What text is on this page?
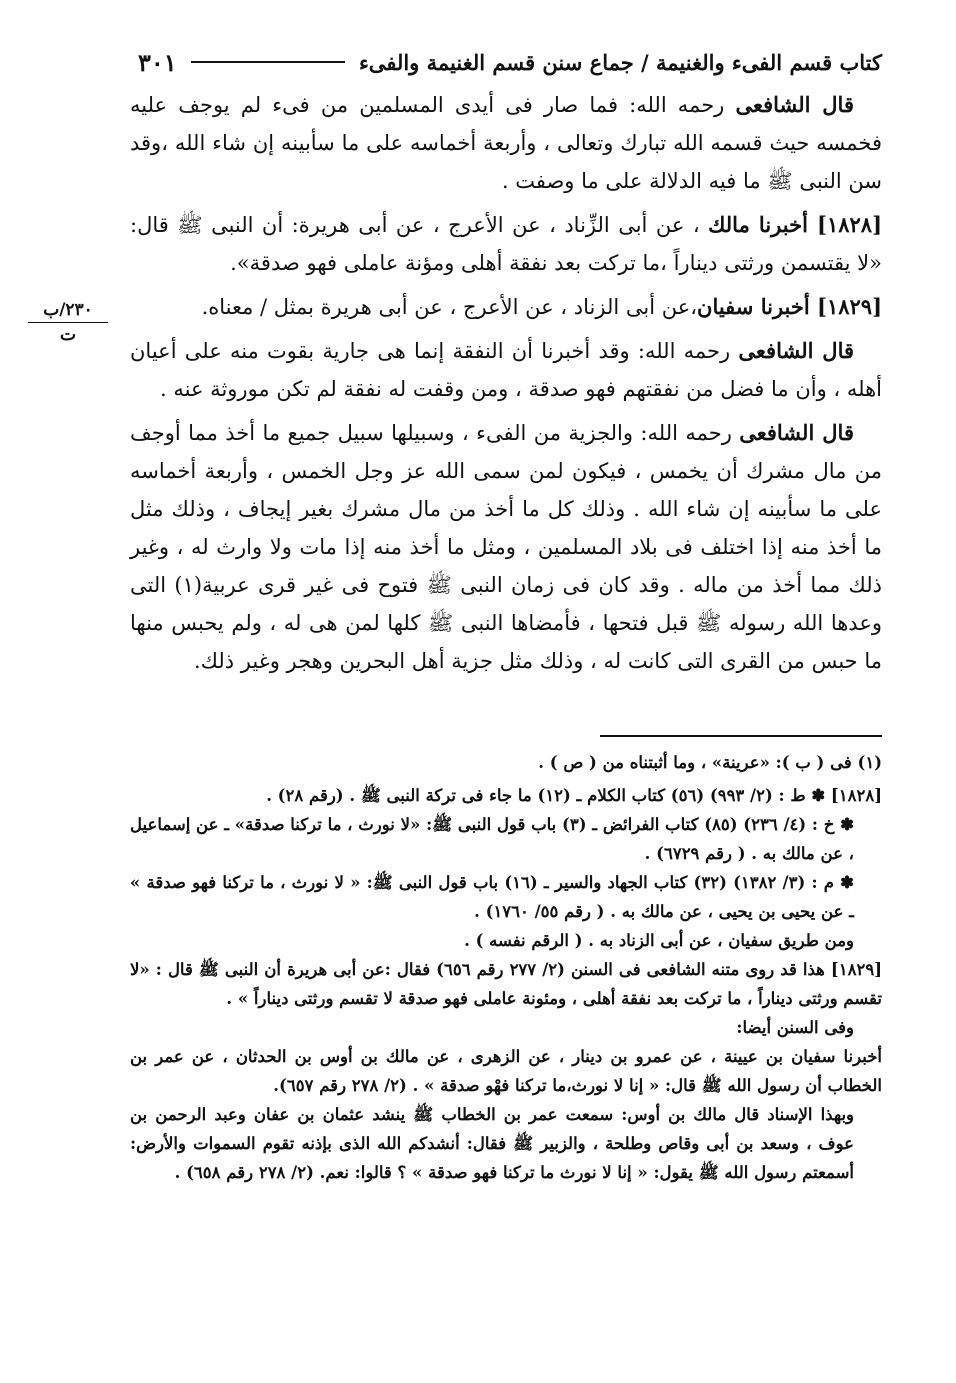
كتاب قسم الفىء والغنيمة / جماع سنن قسم الغنيمة والفىء
٣٠١
٢٣٠/ب
ت

قال الشافعى رحمه الله: فما صار فى أيدى المسلمين من فىء لم يوجف عليه فخمسه حيث قسمه الله تبارك وتعالى ، وأربعة أخماسه على ما سأبينه إن شاء الله ،وقد سن النبى ﷺ ما فيه الدلالة على ما وصفت .

[١٨٢٨] أخبرنا مالك ، عن أبى الزِّناد ، عن الأعرج ، عن أبى هريرة: أن النبى ﷺ قال: «لا يقتسمن ورثتى ديناراً ،ما تركت بعد نفقة أهلى ومؤنة عاملى فهو صدقة».

[١٨٢٩] أخبرنا سفيان،عن أبى الزناد ، عن الأعرج ، عن أبى هريرة بمثل / معناه.

قال الشافعى رحمه الله: وقد أخبرنا أن النفقة إنما هى جارية بقوت منه على أعيان أهله ، وأن ما فضل من نفقتهم فهو صدقة ، ومن وقفت له نفقة لم تكن موروثة عنه .

قال الشافعى رحمه الله: والجزية من الفىء ، وسبيلها سبيل جميع ما أخذ مما أوجف من مال مشرك أن يخمس ، فيكون لمن سمى الله عز وجل الخمس ، وأربعة أخماسه على ما سأبينه إن شاء الله . وذلك كل ما أخذ من مال مشرك بغير إيجاف ، وذلك مثل ما أخذ منه إذا اختلف فى بلاد المسلمين ، ومثل ما أخذ منه إذا مات ولا وارث له ، وغير ذلك مما أخذ من ماله . وقد كان فى زمان النبى ﷺ فتوح فى غير قرى عربية(١) التى وعدها الله رسوله ﷺ قبل فتحها ، فأمضاها النبى ﷺ كلها لمن هى له ، ولم يحبس منها ما حبس من القرى التى كانت له ، وذلك مثل جزية أهل البحرين وهجر وغير ذلك.

(١) فى ( ب ): «عرينة» ، وما أثبتناه من ( ص ) .

[١٨٢٨] ✽ ط : (٢/ ٩٩٣) (٥٦) كتاب الكلام ـ (١٢) ما جاء فى تركة النبى ﷺ . (رقم ٢٨) .

✽ خ : (٤/ ٢٣٦) (٨٥) كتاب الفرائض ـ (٣) باب قول النبى ﷺ: «لا نورث ، ما تركنا صدقة» ـ عن إسماعيل ، عن مالك به . ( رقم ٦٧٢٩) .

✽ م : (٣/ ١٣٨٢) (٣٢) كتاب الجهاد والسير ـ (١٦) باب قول النبى ﷺ: « لا نورث ، ما تركنا فهو صدقة » ـ عن يحيى بن يحيى ، عن مالك به . ( رقم ٥٥/ ١٧٦٠) .

ومن طريق سفيان ، عن أبى الزناد به . ( الرقم نفسه ) .

[١٨٢٩] هذا قد روى متنه الشافعى فى السنن (٢/ ٢٧٧ رقم ٦٥٦) فقال :عن أبى هريرة أن النبى ﷺ قال : «لا تقسم ورثتى ديناراً ، ما تركت بعد نفقة أهلى ، ومئونة عاملى فهو صدقة لا تقسم ورثتى ديناراً » .

وفى السنن أيضا:

أخبرنا سفيان بن عيينة ، عن عمرو بن دينار ، عن الزهرى ، عن مالك بن أوس بن الحدثان ، عن عمر بن الخطاب أن رسول الله ﷺ قال: « إنا لا نورث،ما تركنا فهْو صدقة » . (٢/ ٢٧٨ رقم ٦٥٧).

وبهذا الإسناد قال مالك بن أوس: سمعت عمر بن الخطاب ﷺ ينشد عثمان بن عفان وعبد الرحمن بن عوف ، وسعد بن أبى وقاص وطلحة ، والزبير ﷺ فقال: أنشدكم الله الذى بإذنه تقوم السموات والأرض: أسمعتم رسول الله ﷺ يقول: « إنا لا نورث ما تركنا فهو صدقة » ؟ قالوا: نعم. (٢/ ٢٧٨ رقم ٦٥٨) .
